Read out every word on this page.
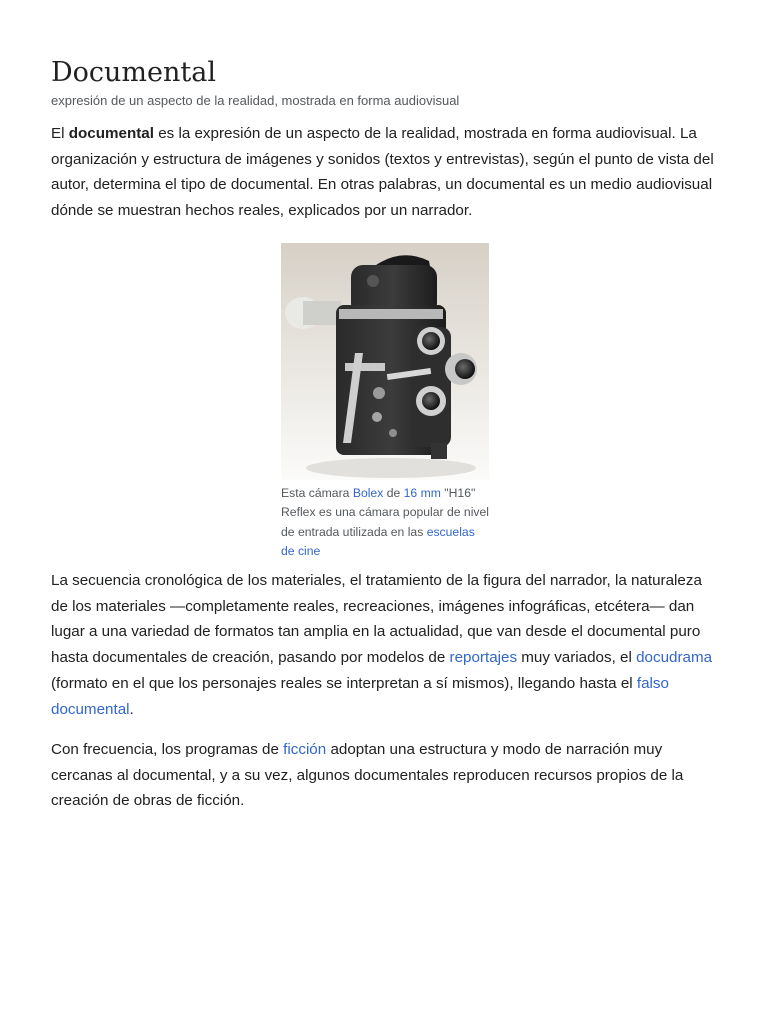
Documental
expresión de un aspecto de la realidad, mostrada en forma audiovisual

El documental es la expresión de un aspecto de la realidad, mostrada en forma audiovisual. La organización y estructura de imágenes y sonidos (textos y entrevistas), según el punto de vista del autor, determina el tipo de documental. En otras palabras, un documental es un medio audiovisual dónde se muestran hechos reales, explicados por un narrador.

Esta cámara Bolex de 16 mm "H16" Reflex es una cámara popular de nivel de entrada utilizada en las escuelas de cine

La secuencia cronológica de los materiales, el tratamiento de la figura del narrador, la naturaleza de los materiales —completamente reales, recreaciones, imágenes infográficas, etcétera— dan lugar a una variedad de formatos tan amplia en la actualidad, que van desde el documental puro hasta documentales de creación, pasando por modelos de reportajes muy variados, el docudrama (formato en el que los personajes reales se interpretan a sí mismos), llegando hasta el falso documental.

Con frecuencia, los programas de ficción adoptan una estructura y modo de narración muy cercanas al documental, y a su vez, algunos documentales reproducen recursos propios de la creación de obras de ficción.
